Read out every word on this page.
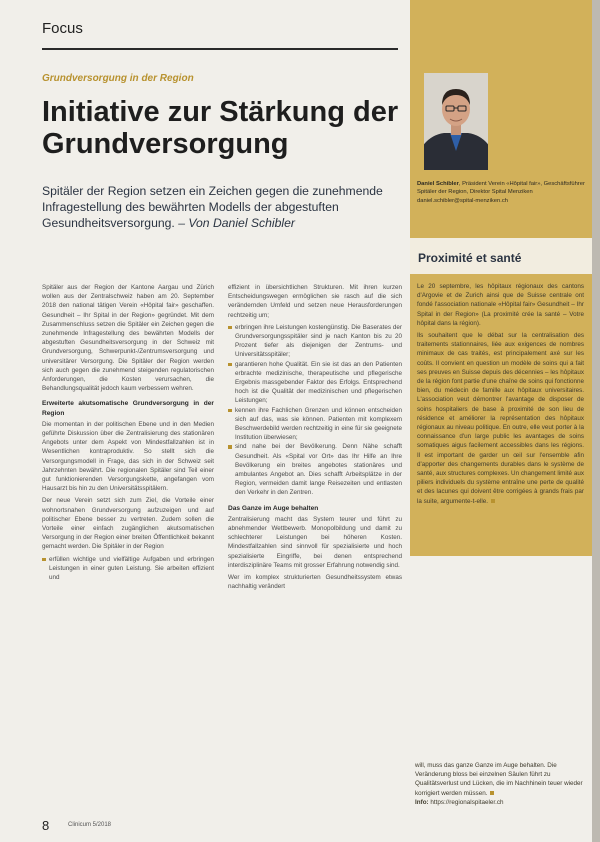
Focus
Grundversorgung in der Region
Initiative zur Stärkung der Grundversorgung

Spitäler der Region setzen ein Zeichen gegen die zunehmende Infragestellung des bewährten Modells der abgestuften Gesundheitsversorgung. – Von Daniel Schibler

Spitäler aus der Region der Kantone Aargau und Zürich wollen aus der Zentralschweiz haben am 20. September 2018 den national tätigen Verein «Hôpital fair» geschaffen. Gesundheit – Ihr Spital in der Region» gegründet. Mit dem Zusammenschluss setzen die Spitäler ein Zeichen gegen die zunehmende Infragestellung des bewährten Modells der abgestuften Gesundheitsversorgung in der Schweiz mit Grundversorgung, Schwerpunkt-/Zentrumsversorgung und universitärer Versorgung. Die Spitäler der Region werden sich auch gegen die zunehmend steigenden regulatorischen Anforderungen, die Kosten verursachen, die Behandlungsqualität jedoch kaum verbessern wehren.

Erweiterte akutsomatische Grundversorgung in der Region

Die momentan in der politischen Ebene und in den Medien geführte Diskussion über die Zentralisierung des stationären Angebots unter dem Aspekt von Mindestfallzahlen ist in Wesentlichen kontraproduktiv. So stellt sich die Versorgungsmodell in Frage, das sich in der Schweiz seit Jahrzehnten bewährt. Die regionalen Spitäler sind Teil einer gut funktionierenden Versorgungskette, angefangen vom Hausarzt bis hin zu den Universitätsspitälern.

Der neue Verein setzt sich zum Ziel, die Vorteile einer wohnortsnahen Grundversorgung aufzuzeigen und auf politischer Ebene besser zu vertreten. Zudem sollen die Vorteile einer einfach zugänglichen akutsomatischen Versorgung in der Region einer breiten Öffentlichkeit bekannt gemacht werden. Die Spitäler in der Region

erfüllen wichtige und vielfältige Aufgaben und erbringen Leistungen in einer guten Leistung. Sie arbeiten effizient und

effizient in übersichtlichen Strukturen. Mit ihren kurzen Entscheidungswegen ermöglichen sie rasch auf die sich verändernden Umfeld und setzen neue Herausforderungen rechtzeitig um;

erbringen ihre Leistungen kostengünstig. Die Baserates der Grundversorgungsspitäler sind je nach Kanton bis zu 20 Prozent tiefer als diejenigen der Zentrums- und Universitätsspitäler;
garantieren hohe Qualität. Ein sie ist das an den Patienten erbrachte medizinische, therapeutische und pflegerische Ergebnis massgebender Faktor des Erfolgs. Entsprechend hoch ist die Qualität der medizinischen und pflegerischen Leistungen;
kennen ihre Fachlichen Grenzen und können entscheiden sich auf das, was sie können. Patienten mit komplexem Beschwerdebild werden rechtzeitig in eine für sie geeignete Institution überwiesen;
sind nahe bei der Bevölkerung. Denn Nähe schafft Gesundheit. Als «Spital vor Ort» das Ihr Hilfe an Ihre Bevölkerung ein breites angebotes stationäres und ambulantes Angebot an. Dies schafft Arbeitsplätze in der Region, vermeiden damit lange Reisezeiten und entlasten den Verkehr in den Zentren.
Das Ganze im Auge behalten

Zentralisierung macht das System teurer und führt zu abnehmender Wettbewerb. Monopolbildung und damit zu schlechterer Leistungen bei höheren Kosten. Mindestfallzahlen sind sinnvoll für spezialisierte und hoch spezialisierte Eingriffe, bei denen entsprechend interdisziplinäre Teams mit grosser Erfahrung notwendig sind.

Wer im komplex strukturierten Gesundheitssystem etwas nachhaltig verändert

Daniel Schibler, Präsident Verein «Hôpital fair», Geschäftsführer Spitäler der Region, Direktor Spital Menziken
daniel.schibler@spital-menziken.ch
Proximité et santé

Le 20 septembre, les hôpitaux régionaux des cantons d'Argovie et de Zurich ainsi que de Suisse centrale ont fondé l'association nationale «Hôpital fair» Gesundheit – Ihr Spital in der Region» (La proximité crée la santé – Votre hôpital dans la région).

Ils souhaitent que le débat sur la centralisation des traitements stationnaires, liée aux exigences de nombres minimaux de cas traités, est principalement axé sur les coûts. Il convient en question un modèle de soins qui a fait ses preuves en Suisse depuis des décennies – les hôpitaux de la région font partie d'une chaîne de soins qui fonctionne bien, du médecin de famille aux hôpitaux universitaires. L'association veut démontrer l'avantage de disposer de soins hospitaliers de base à proximité de son lieu de résidence et améliorer la représentation des hôpitaux régionaux au niveau politique. En outre, elle veut porter à la connaissance d'un large public les avantages de soins somatiques aigus facilement accessibles dans les régions. Il est important de garder un œil sur l'ensemble afin d'apporter des changements durables dans le système de santé, aux structures complexes. Un changement limité aux piliers individuels du système entraîne une perte de qualité et des lacunes qui doivent être corrigées à grands frais par la suite, argumente-t-elle.

will, muss das ganze Ganze im Auge behalten. Die Veränderung bloss bei einzelnen Säulen führt zu Qualitätsverlust und Lücken, die im Nachhinein teuer wieder korrigiert werden müssen.

Info: https://regionalspitaeler.ch

8	Clinicum 5/2018
